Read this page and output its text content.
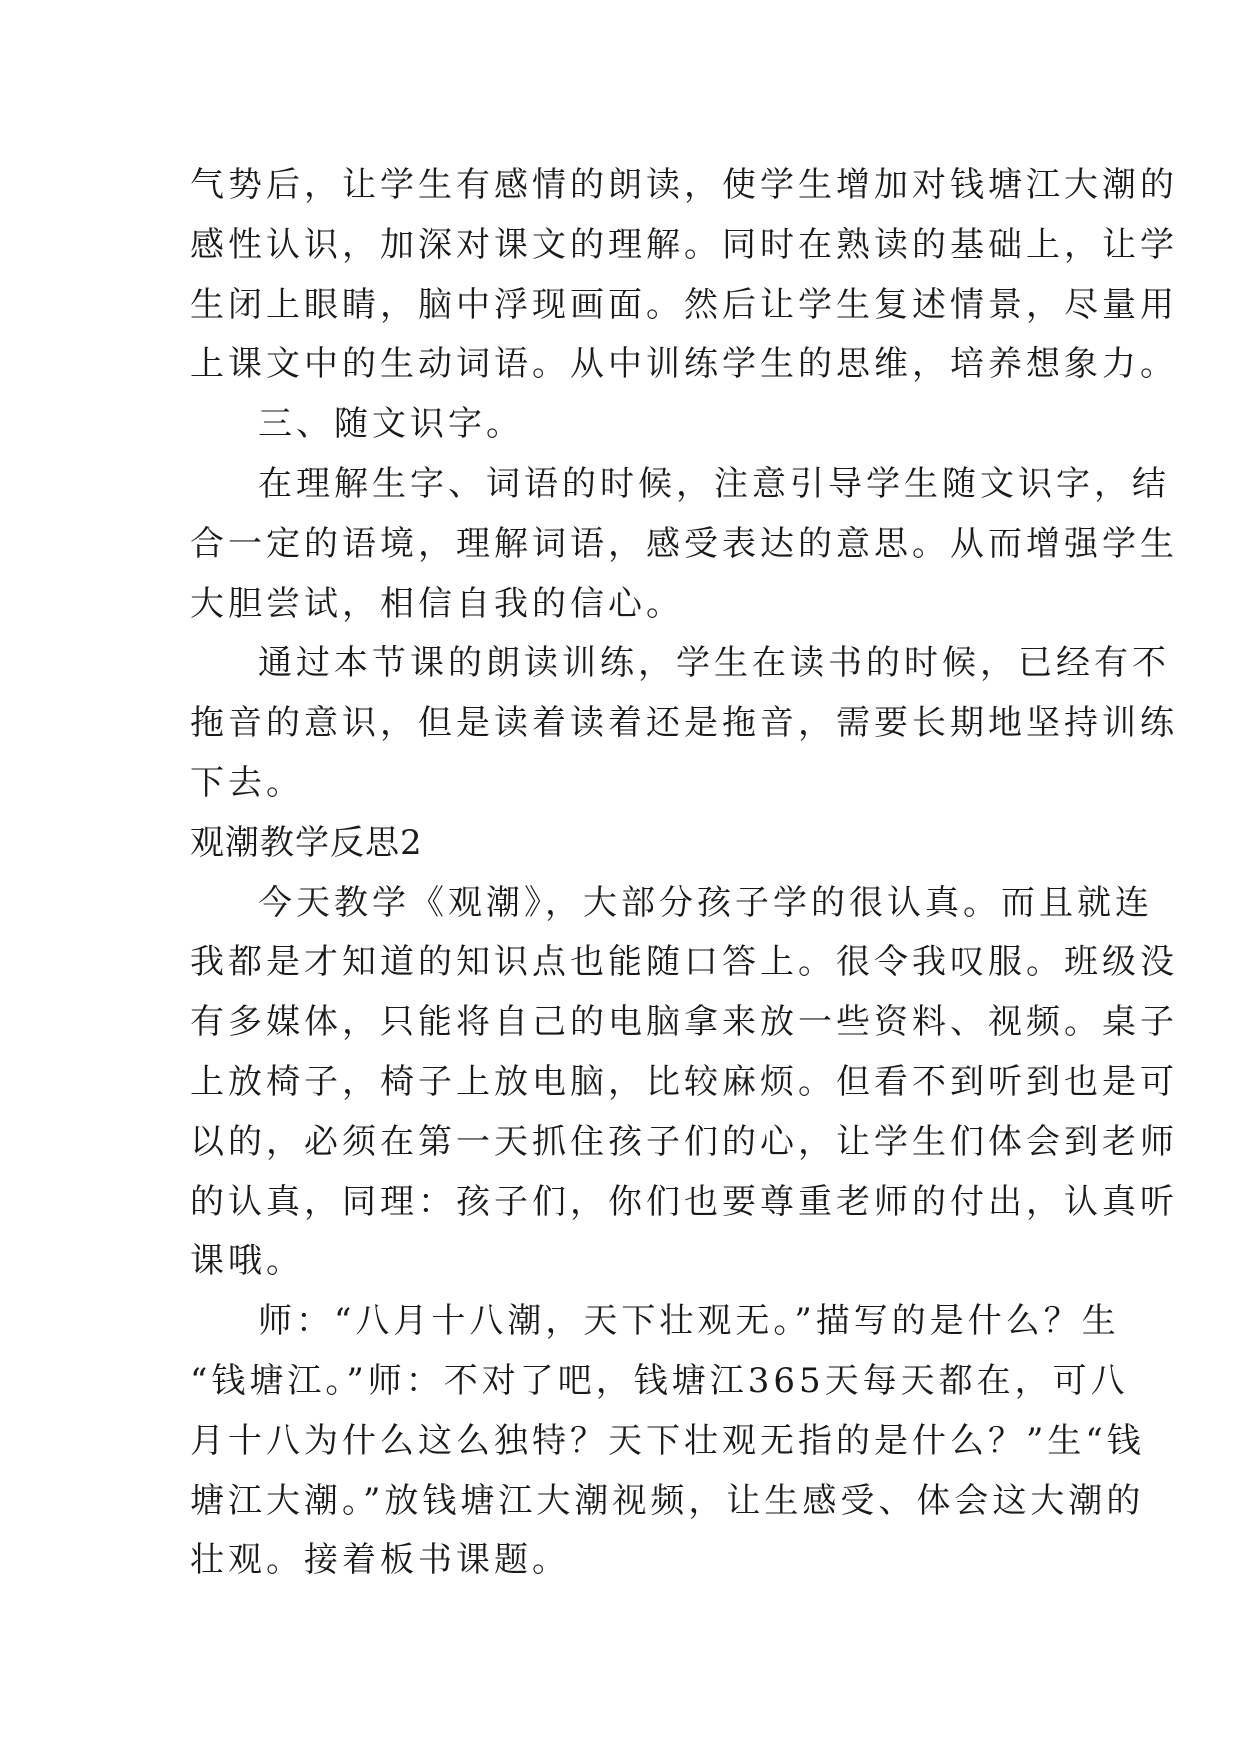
气势后，让学生有感情的朗读，使学生增加对钱塘江大潮的
感性认识，加深对课文的理解。同时在熟读的基础上，让学
生闭上眼睛，脑中浮现画面。然后让学生复述情景，尽量用
上课文中的生动词语。从中训练学生的思维，培养想象力。
三、随文识字。
在理解生字、词语的时候，注意引导学生随文识字，结
合一定的语境，理解词语，感受表达的意思。从而增强学生
大胆尝试，相信自我的信心。
通过本节课的朗读训练，学生在读书的时候，已经有不
拖音的意识，但是读着读着还是拖音，需要长期地坚持训练
下去。
观潮教学反思2
今天教学《观潮》，大部分孩子学的很认真。而且就连
我都是才知道的知识点也能随口答上。很令我叹服。班级没
有多媒体，只能将自己的电脑拿来放一些资料、视频。桌子
上放椅子，椅子上放电脑，比较麻烦。但看不到听到也是可
以的，必须在第一天抓住孩子们的心，让学生们体会到老师
的认真，同理：孩子们，你们也要尊重老师的付出，认真听
课哦。
师：“八月十八潮，天下壮观无。”描写的是什么？生
“钱塘江。”师：不对了吧，钱塘江365天每天都在，可八
月十八为什么这么独特？天下壮观无指的是什么？”生“钱
塘江大潮。”放钱塘江大潮视频，让生感受、体会这大潮的
壮观。接着板书课题。
